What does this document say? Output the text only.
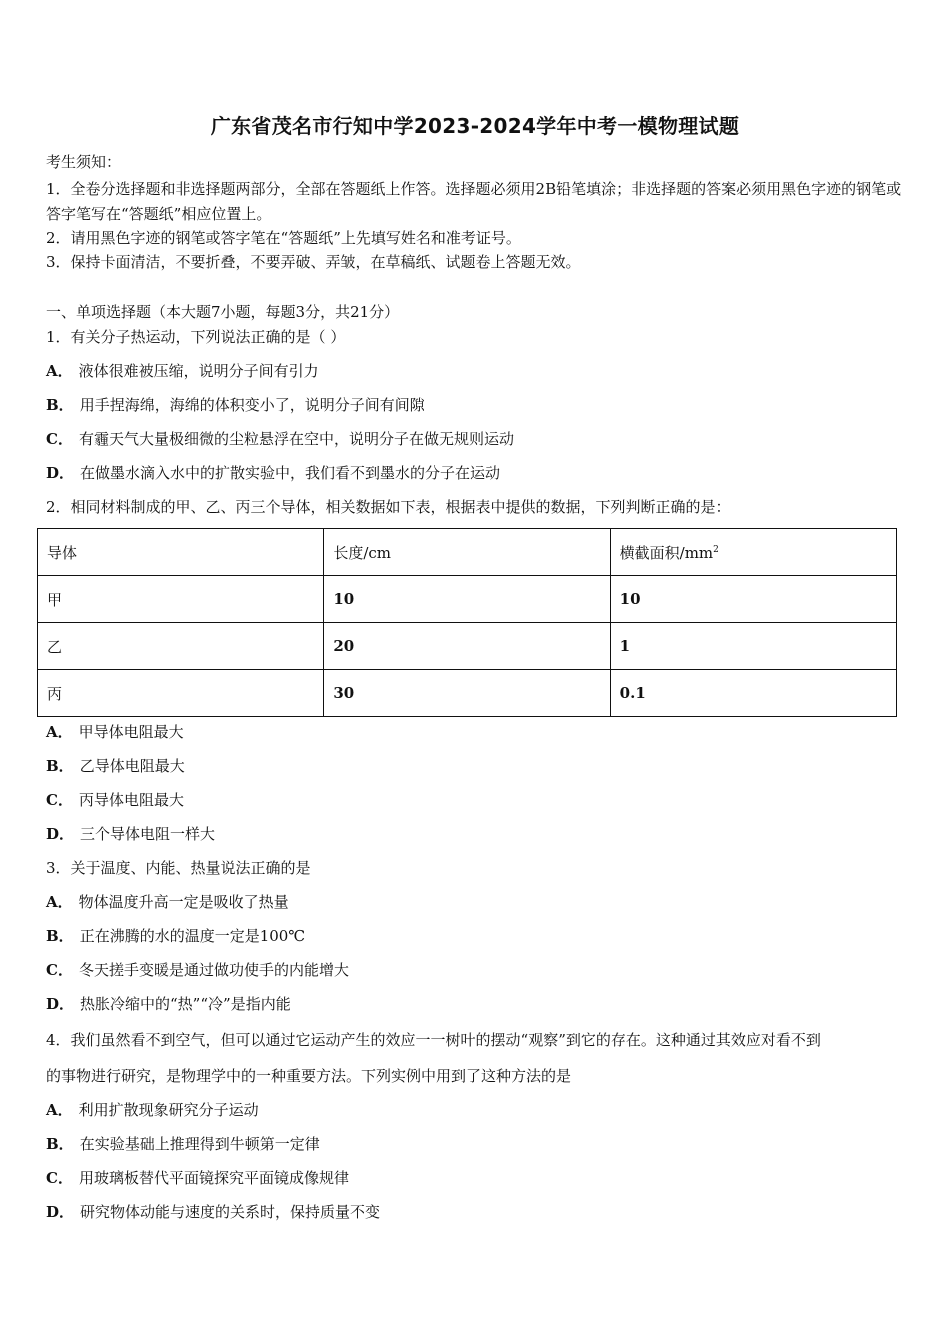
广东省茂名市行知中学2023-2024学年中考一模物理试题
考生须知：
1．全卷分选择题和非选择题两部分，全部在答题纸上作答。选择题必须用2B铅笔填涂；非选择题的答案必须用黑色字迹的钢笔或答字笔写在“答题纸”相应位置上。
2．请用黑色字迹的钢笔或答字笔在“答题纸”上先填写姓名和准考证号。
3．保持卡面清洁，不要折叠，不要弄破、弄皱，在草稿纸、试题卷上答题无效。
一、单项选择题（本大题7小题，每题3分，共21分）
1．有关分子热运动，下列说法正确的是（ ）
A． 液体很难被压缩，说明分子间有引力
B． 用手捏海绵，海绵的体积变小了，说明分子间有间隙
C． 有霾天气大量极细微的尘粒悬浮在空中，说明分子在做无规则运动
D． 在做墨水滴入水中的扩散实验中，我们看不到墨水的分子在运动
2．相同材料制成的甲、乙、丙三个导体，相关数据如下表，根据表中提供的数据，下列判断正确的是：
导体	长度/cm	横截面积$/mm^2$
甲	10	10
乙	20	1
丙	30	0.1
A． 甲导体电阻最大
B． 乙导体电阻最大
C． 丙导体电阻最大
D． 三个导体电阻一样大
3．关于温度、内能、热量说法正确的是
A． 物体温度升高一定是吸收了热量
B． 正在沸腾的水的温度一定是100℃
C． 冬天搓手变暖是通过做功使手的内能增大
D． 热胀冷缩中的“热”“冷”是指内能
4．我们虽然看不到空气，但可以通过它运动产生的效应一一树叶的摆动“观察”到它的存在。这种通过其效应对看不到
的事物进行研究，是物理学中的一种重要方法。下列实例中用到了这种方法的是
A． 利用扩散现象研究分子运动
B． 在实验基础上推理得到牛顿第一定律
C． 用玻璃板替代平面镜探究平面镜成像规律
D． 研究物体动能与速度的关系时，保持质量不变
